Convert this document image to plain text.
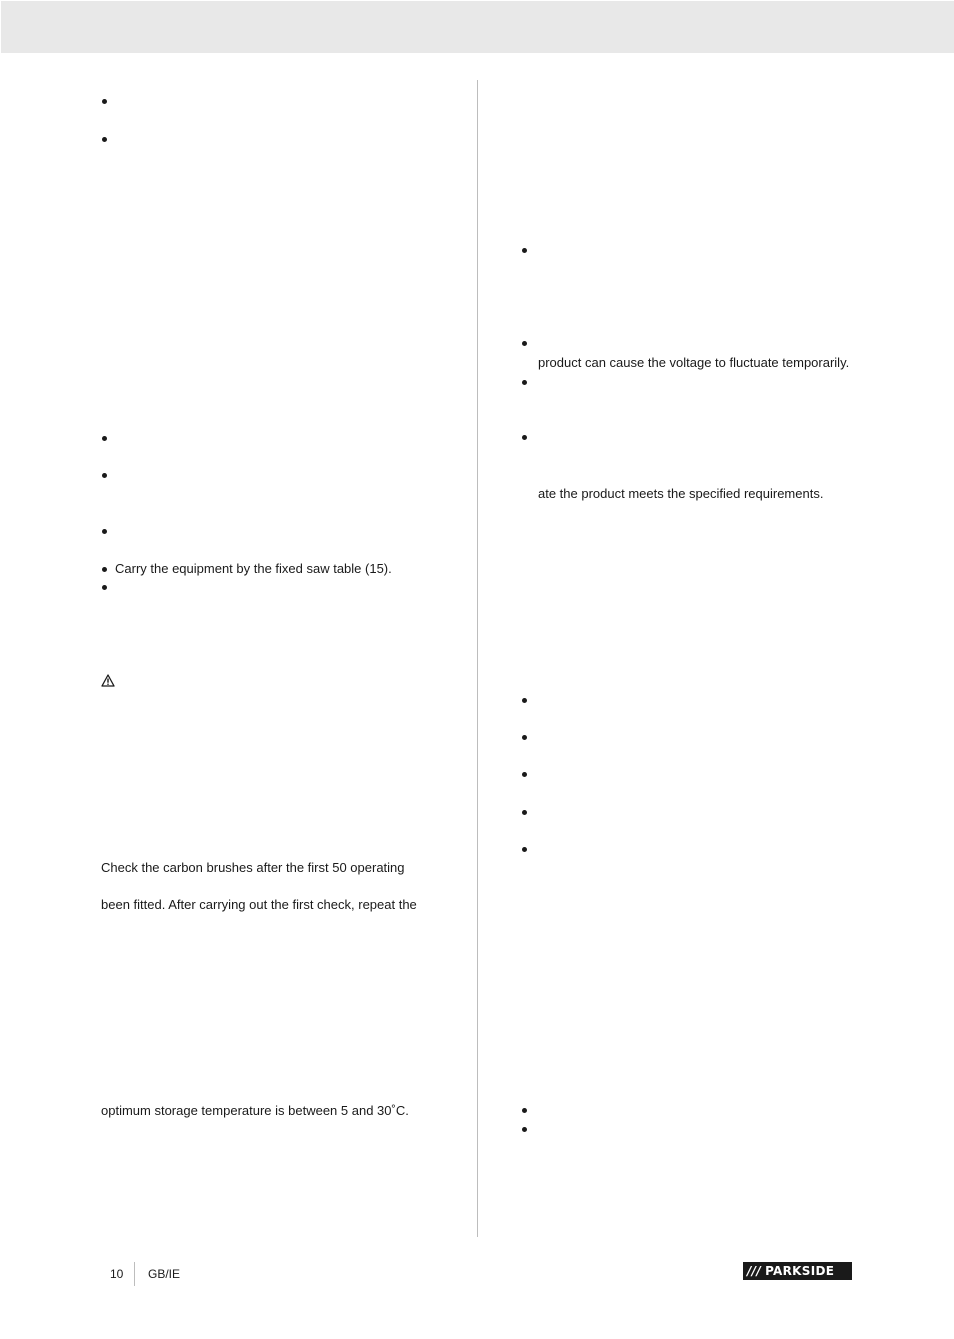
Carry the equipment by the fixed saw table (15).
Check the carbon brushes after the first 50 operating
been fitted. After carrying out the first check, repeat the
optimum storage temperature is between 5 and 30˚C.
product can cause the voltage to fluctuate temporarily.
ate the product meets the specified requirements.
10 GB/IE	/// PARKSIDE
